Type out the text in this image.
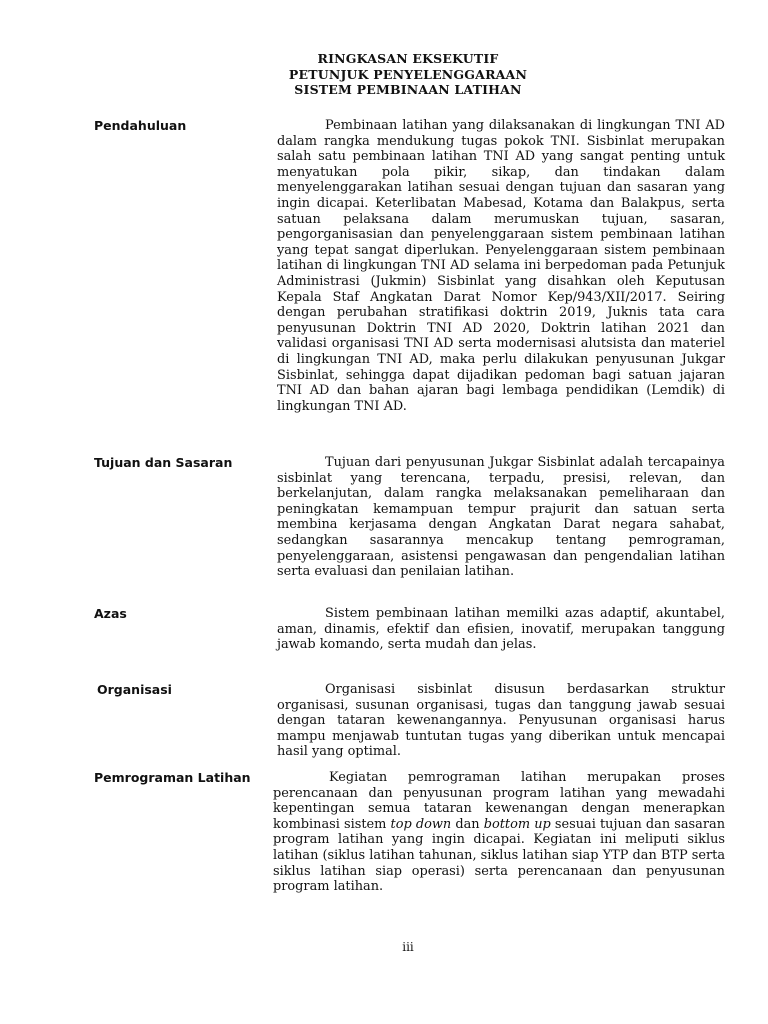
RINGKASAN EKSEKUTIF
PETUNJUK PENYELENGGARAAN
SISTEM PEMBINAAN LATIHAN
Pendahuluan	Pembinaan latihan yang dilaksanakan di lingkungan TNI AD dalam rangka mendukung tugas pokok TNI. Sisbinlat merupakan salah satu pembinaan latihan TNI AD yang sangat penting untuk menyatukan pola pikir, sikap, dan tindakan dalam menyelenggarakan latihan sesuai dengan tujuan dan sasaran yang ingin dicapai. Keterlibatan Mabesad, Kotama dan Balakpus, serta satuan pelaksana dalam merumuskan tujuan, sasaran, pengorganisasian dan penyelenggaraan sistem pembinaan latihan yang tepat sangat diperlukan. Penyelenggaraan sistem pembinaan latihan di lingkungan TNI AD selama ini berpedoman pada Petunjuk Administrasi (Jukmin) Sisbinlat yang disahkan oleh Keputusan Kepala Staf Angkatan Darat Nomor Kep/943/XII/2017. Seiring dengan perubahan stratifikasi doktrin 2019, Juknis tata cara penyusunan Doktrin TNI AD 2020, Doktrin latihan 2021 dan validasi organisasi TNI AD serta modernisasi alutsista dan materiel di lingkungan TNI AD, maka perlu dilakukan penyusunan Jukgar Sisbinlat, sehingga dapat dijadikan pedoman bagi satuan jajaran TNI AD dan bahan ajaran bagi lembaga pendidikan (Lemdik) di lingkungan TNI AD.
Tujuan dan Sasaran	Tujuan dari penyusunan Jukgar Sisbinlat adalah tercapainya sisbinlat yang terencana, terpadu, presisi, relevan, dan berkelanjutan, dalam rangka melaksanakan pemeliharaan dan peningkatan kemampuan tempur prajurit dan satuan serta membina kerjasama dengan Angkatan Darat negara sahabat, sedangkan sasarannya mencakup tentang pemrograman, penyelenggaraan, asistensi pengawasan dan pengendalian latihan serta evaluasi dan penilaian latihan.
Azas	Sistem pembinaan latihan memilki azas adaptif, akuntabel, aman, dinamis, efektif dan efisien, inovatif, merupakan tanggung jawab komando, serta mudah dan jelas.
Organisasi	Organisasi sisbinlat disusun berdasarkan struktur organisasi, susunan organisasi, tugas dan tanggung jawab sesuai dengan tataran kewenangannya. Penyusunan organisasi harus mampu menjawab tuntutan tugas yang diberikan untuk mencapai hasil yang optimal.
Pemrograman Latihan	Kegiatan pemrograman latihan merupakan proses perencanaan dan penyusunan program latihan yang mewadahi kepentingan semua tataran kewenangan dengan menerapkan kombinasi sistem top down dan bottom up sesuai tujuan dan sasaran program latihan yang ingin dicapai. Kegiatan ini meliputi siklus latihan (siklus latihan tahunan, siklus latihan siap YTP dan BTP serta siklus latihan siap operasi) serta perencanaan dan penyusunan program latihan.
iii
